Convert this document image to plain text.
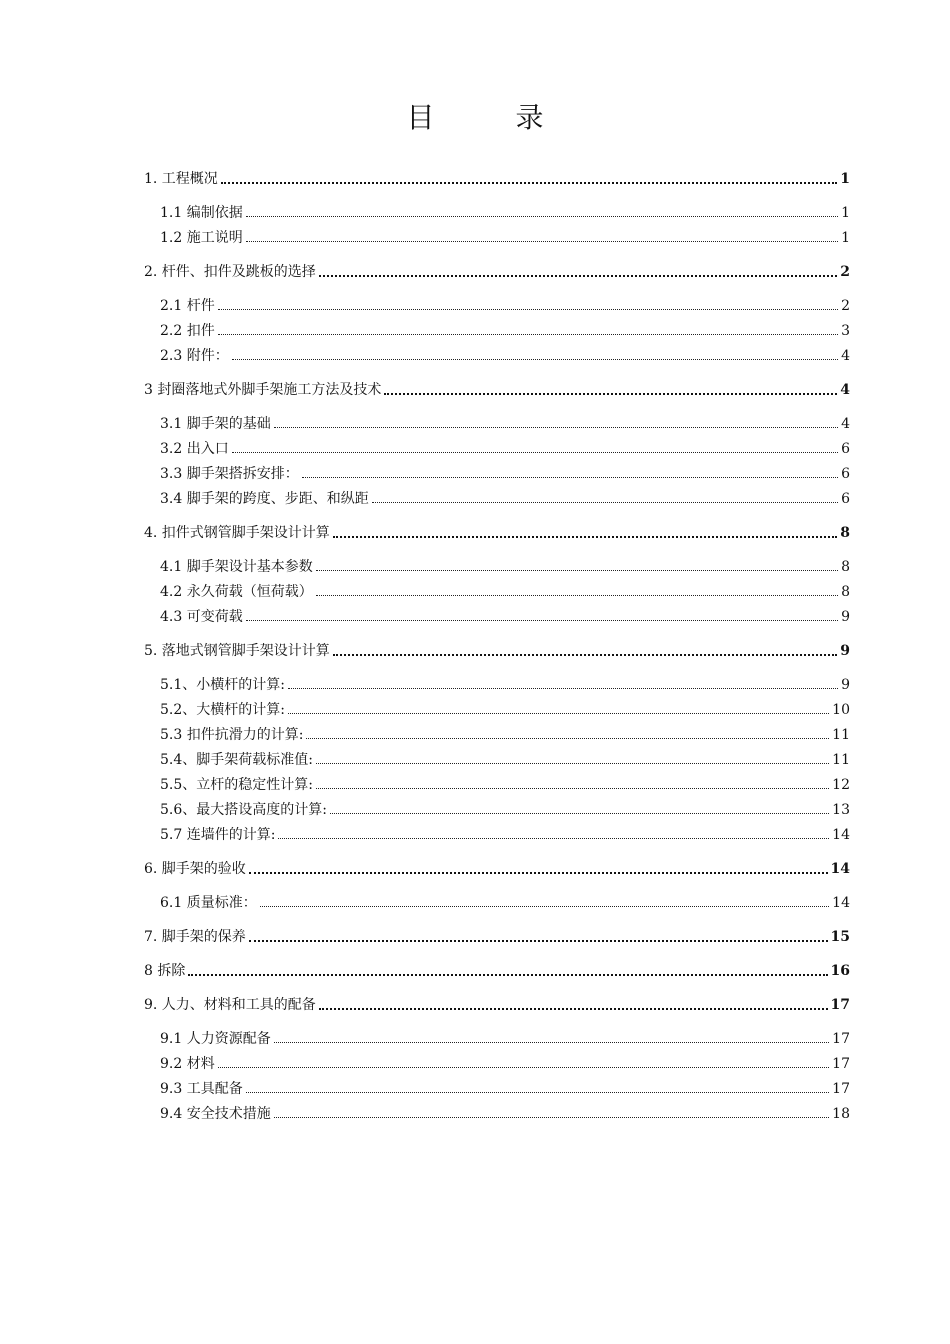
目 录
1. 工程概况	1
1.1 编制依据	1
1.2 施工说明	1
2. 杆件、扣件及跳板的选择	2
2.1 杆件	2
2.2 扣件	3
2.3 附件：	4
3 封圈落地式外脚手架施工方法及技术	4
3.1 脚手架的基础	4
3.2 出入口	6
3.3 脚手架搭拆安排：	6
3.4 脚手架的跨度、步距、和纵距	6
4. 扣件式钢管脚手架设计计算	8
4.1 脚手架设计基本参数	8
4.2 永久荷载（恒荷载）	8
4.3 可变荷载	9
5. 落地式钢管脚手架设计计算	9
5.1、小横杆的计算:	9
5.2、大横杆的计算:	10
5.3 扣件抗滑力的计算:	11
5.4、脚手架荷载标准值:	11
5.5、立杆的稳定性计算:	12
5.6、最大搭设高度的计算:	13
5.7 连墙件的计算:	14
6. 脚手架的验收	14
6.1 质量标准：	14
7. 脚手架的保养	15
8 拆除	16
9. 人力、材料和工具的配备	17
9.1 人力资源配备	17
9.2 材料	17
9.3 工具配备	17
9.4 安全技术措施	18
